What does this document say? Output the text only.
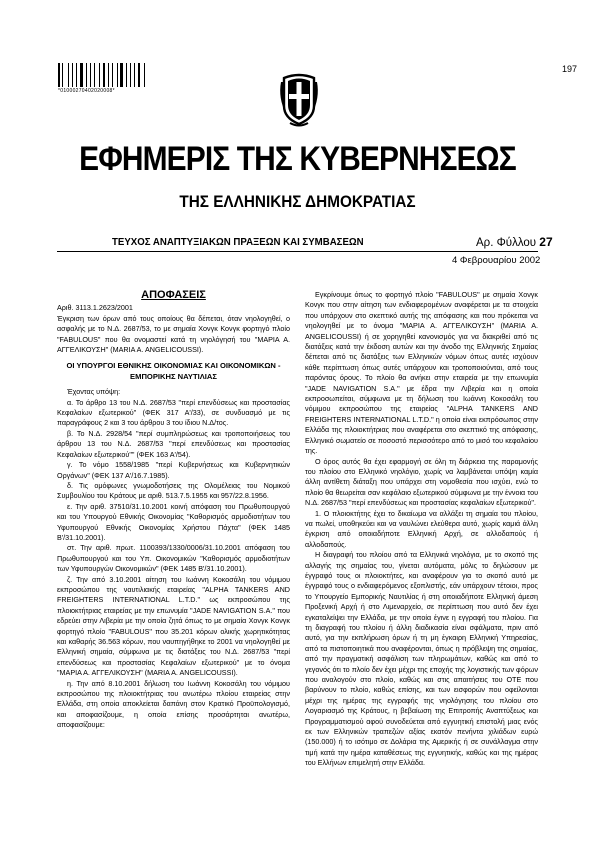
*01000270402020008*
197
ΕΦΗΜΕΡΙΣ ΤΗΣ ΚΥΒΕΡΝΗΣΕΩΣ
ΤΗΣ ΕΛΛΗΝΙΚΗΣ ΔΗΜΟΚΡΑΤΙΑΣ
ΤΕΥΧΟΣ ΑΝΑΠΤΥΞΙΑΚΩΝ ΠΡΑΞΕΩΝ ΚΑΙ ΣΥΜΒΑΣΕΩΝ	Αρ. Φύλλου 27
4 Φεβρουαρίου 2002
ΑΠΟΦΑΣΕΙΣ

Αριθ. 3113.1.2623/2001

Έγκριση των όρων από τους οποίους θα δέπεται, όταν νηολογηθεί, ο ασφαλής με το Ν.Δ. 2687/53, το με σημαία Χονγκ Κονγκ φορτηγό πλοίο "FABULOUS" που θα ονομαστεί κατά τη νηολόγησή του "ΜΑΡΙΑ Α. ΑΓΓΕΛΙΚΟΥΣΗ" (MARIA A. ANGELICOUSSI).

ΟΙ ΥΠΟΥΡΓΟΙ ΕΘΝΙΚΗΣ ΟΙΚΟΝΟΜΙΑΣ ΚΑΙ ΟΙΚΟΝΟΜΙΚΩΝ - ΕΜΠΟΡΙΚΗΣ ΝΑΥΤΙΛΙΑΣ

Έχοντας υπόψη:

α. Το άρθρο 13 του Ν.Δ. 2687/53 "περί επενδύσεως και προστασίας Κεφαλαίων εξωτερικού" (ΦΕΚ 317 Α'/33), σε συνδυασμό με τις παραγράφους 2 και 3 του άρθρου 3 του ίδιου Ν.Δ/τος.

β. Το Ν.Δ. 2928/54 "περί συμπληρώσεως και τροποποιήσεως του άρθρου 13 του Ν.Δ. 2687/53 "περί επενδύσεως και προστασίας Κεφαλαίων εξωτερικού"" (ΦΕΚ 163 Α'/54).

γ. Το νόμο 1558/1985 "περί Κυβερνήσεως και Κυβερνητικών Οργάνων" (ΦΕΚ 137 Α'/16.7.1985).

δ. Τις ομόφωνες γνωμοδοτήσεις της Ολομέλειας του Νομικού Συμβουλίου του Κράτους με αριθ. 513.7.5.1955 και 957/22.8.1956.

ε. Την αριθ. 37510/31.10.2001 κοινή απόφαση του Πρωθυπουργού και του Υπουργού Εθνικής Οικονομίας "Καθορισμός αρμοδιοτήτων του Υφυπουργού Εθνικής Οικονομίας Χρήστου Πάχτα" (ΦΕΚ 1485 Β'/31.10.2001).

στ. Την αριθ. πρωτ. 1100393/1330/0006/31.10.2001 απόφαση του Πρωθυπουργού και του Υπ. Οικονομικών "Καθορισμός αρμοδιοτήτων των Υφυπουργών Οικονομικών" (ΦΕΚ 1485 Β'/31.10.2001).

ζ. Την από 3.10.2001 αίτηση του Ιωάννη Κοκοσάλη του νόμιμου εκπροσώπου της ναυτιλιακής εταιρείας "ALPHA TANKERS AND FREIGHTERS INTERNATIONAL L.T.D." ως εκπροσώπου της πλοιοκτήτριας εταιρείας με την επωνυμία "JADE NAVIGATION S.A." που εδρεύει στην Λιβερία με την οποία ζητά όπως το με σημαία Χονγκ Κονγκ φορτηγό πλοίο "FABULOUS" που 35.201 κόρων ολικής χωρητικότητας και καθαρής 36.563 κόρων, που ναυπηγήθηκε το 2001 να νηολογηθεί με Ελληνική σημαία, σύμφωνα με τις διατάξεις του Ν.Δ. 2687/53 "περί επενδύσεως και προστασίας Κεφαλαίων εξωτερικού" με το όνομα "ΜΑΡΙΑ Α. ΑΓΓΕΛΙΚΟΥΣΗ" (MARIA A. ANGELICOUSSI).

η. Την από 8.10.2001 δήλωση του Ιωάννη Κοκοσάλη του νόμιμου εκπροσώπου της πλοιοκτήτριας του ανωτέρω πλοίου εταιρείας στην Ελλάδα, στη οποία αποκλείεται δαπάνη στον Κρατικό Προϋπολογισμό, και αποφασίζουμε, η οποία επίσης προσάρτηται ανωτέρω, αποφασίζουμε:

Εγκρίνουμε όπως το φορτηγό πλοίο "FABULOUS" με σημαία Χονγκ Κονγκ που στην αίτηση των ενδιαφερομένων αναφέρεται με τα στοιχεία που υπάρχουν στο σκεπτικό αυτής της απόφασης και που πρόκειται να νηολογηθεί με το όνομα "ΜΑΡΙΑ Α. ΑΓΓΕΛΙΚΟΥΣΗ" (MARIA A. ANGELICOUSSI) ή σε χορηγηθεί κανονισμός για να διακριθεί από τις διατάξεις κατά την έκδοση αυτών και την άνοδο της Ελληνικής Σημαίας δέπεται από τις διατάξεις των Ελληνικών νόμων όπως αυτές ισχύουν κάθε περίπτωση όπως αυτές υπάρχουν και τροποποιούνται, από τους παρόντας όρους. Το πλοίο θα ανήκει στην εταιρεία με την επωνυμία "JADE NAVIGATION S.A." με έδρα την Λιβερία και η οποία εκπροσωπείται, σύμφωνα με τη δήλωση του Ιωάννη Κοκοσάλη του νόμιμου εκπροσώπου της εταιρείας "ALPHA TANKERS AND FREIGHTERS INTERNATIONAL L.T.D." η οποία είναι εκπρόσωπος στην Ελλάδα της πλοιοκτήτριας που αναφέρεται στο σκεπτικό της απόφασης, Ελληνικό σωματείο σε ποσοστό περισσότερο από το μισό του κεφαλαίου της.

Ο όρος αυτός θα έχει εφαρμογή σε όλη τη διάρκεια της παραμονής του πλοίου στο Ελληνικό νηολόγιο, χωρίς να λαμβάνεται υπόψη καμία άλλη αντίθετη διάταξη που υπάρχει στη νομοθεσία που ισχύει, ενώ το πλοίο θα θεωρείται σαν κεφάλαιο εξωτερικού σύμφωνα με την έννοια του Ν.Δ. 2687/53 "περί επενδύσεως και προστασίας κεφαλαίων εξωτερικού".

1. Ο πλοιοκτήτης έχει το δικαίωμα να αλλάξει τη σημαία του πλοίου, να πωλεί, υποθηκεύει και να ναυλώνει ελεύθερα αυτό, χωρίς καμιά άλλη έγκριση από οποιαδήποτε Ελληνική Αρχή, σε αλλοδαπούς ή αλλοδαπούς.

Η διαγραφή του πλοίου από τα Ελληνικά νηολόγια, με το σκοπό της αλλαγής της σημαίας του, γίνεται αυτόματα, μόλις το δηλώσουν με έγγραφό τους οι πλοιοκτήτες, και αναφέρουν για το σκοπό αυτό με έγγραφό τους ο ενδιαφερόμενος εξοπλιστής, εάν υπάρχουν τέτοιοι, προς το Υπουργείο Εμπορικής Ναυτιλίας ή στη οποιαδήποτε Ελληνική άμεση Προξενική Αρχή ή στο Λιμεναρχείο, σε περίπτωση που αυτό δεν έχει εγκαταλείψει την Ελλάδα, με την οποία έγινε η εγγραφή του πλοίου. Για τη διαγραφή του πλοίου ή άλλη διαδικασία είναι σφάλματα, πριν από αυτό, για την εκπλήρωση όρων ή τη μη έγκαιρη Ελληνική Υπηρεσίας, από τα πιστοποιητικά που αναφέρονται, όπως η πρόβλεψη της σημαίας, από την πραγματική ασφάλιση των πληρωμάτων, καθώς και από το γεγονός ότι το πλοίο δεν έχει μέχρι της εποχής της λογιστικής των φόρων που αναλογούν στο πλοίο, καθώς και στις απαιτήσεις του ΟΤΕ που βαρύνουν το πλοίο, καθώς επίσης, και των εισφορών που οφείλονται μέχρι της ημέρας της εγγραφής της νηολόγησης του πλοίου στο Λογαριασμό της Κράτους, η βεβαίωση της Επιτροπής Αναπτύξεως και Προγραμματισμού αφού συνοδεύεται από εγγυητική επιστολή μιας ενός εκ των Ελληνικών τραπεζών αξίας εκατόν πενήντα χιλιάδων ευρώ (150.000) ή το ισότιμο σε Δολάρια της Αμερικής ή σε συνάλλαγμα στην τιμή κατά την ημέρα καταθέσεως της εγγυητικής, καθώς και της ημέρας του Ελλήνων επιμελητή στην Ελλάδα.
